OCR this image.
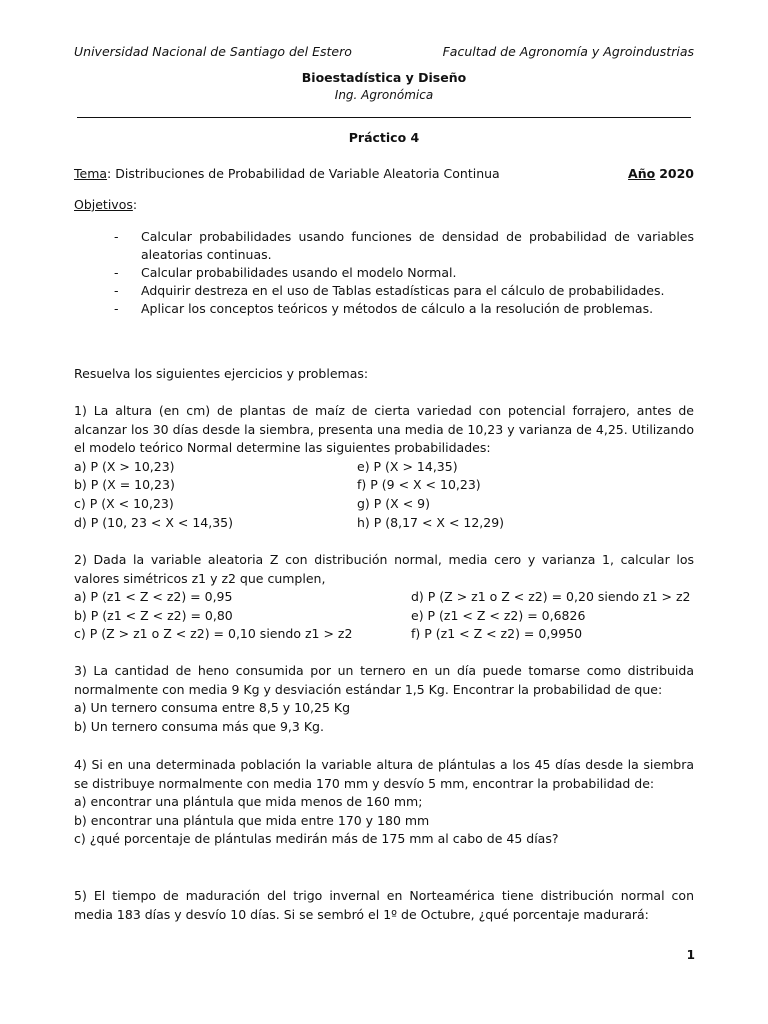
Universidad Nacional de Santiago del Estero	Facultad de Agronomía y Agroindustrias
Bioestadística y Diseño
Ing. Agronómica
Práctico 4
Tema: Distribuciones de Probabilidad de Variable Aleatoria Continua	Año 2020
Objetivos:
- Calcular probabilidades usando funciones de densidad de probabilidad de variables aleatorias continuas.
- Calcular probabilidades usando el modelo Normal.
- Adquirir destreza en el uso de Tablas estadísticas para el cálculo de probabilidades.
- Aplicar los conceptos teóricos y métodos de cálculo a la resolución de problemas.
Resuelva los siguientes ejercicios y problemas:
1) La altura (en cm) de plantas de maíz de cierta variedad con potencial forrajero, antes de alcanzar los 30 días desde la siembra, presenta una media de 10,23 y varianza de 4,25. Utilizando el modelo teórico Normal determine las siguientes probabilidades:
a) P (X > 10,23)	e) P (X > 14,35)
b) P (X = 10,23)	f) P (9 < X < 10,23)
c) P (X < 10,23)	g) P (X < 9)
d) P (10, 23 < X < 14,35)	h) P (8,17 < X < 12,29)
2) Dada la variable aleatoria Z con distribución normal, media cero y varianza 1, calcular los valores simétricos z1 y z2 que cumplen,
a) P (z1 < Z < z2) = 0,95	d) P (Z > z1 o Z < z2) = 0,20 siendo z1 > z2
b) P (z1 < Z < z2) = 0,80	e) P (z1 < Z < z2) = 0,6826
c) P (Z > z1 o Z < z2) = 0,10 siendo z1 > z2	f) P (z1 < Z < z2) = 0,9950
3) La cantidad de heno consumida por un ternero en un día puede tomarse como distribuida normalmente con media 9 Kg y desviación estándar 1,5 Kg. Encontrar la probabilidad de que:
a) Un ternero consuma entre 8,5 y 10,25 Kg
b) Un ternero consuma más que 9,3 Kg.
4) Si en una determinada población la variable altura de plántulas a los 45 días desde la siembra se distribuye normalmente con media 170 mm y desvío 5 mm, encontrar la probabilidad de:
a) encontrar una plántula que mida menos de 160 mm;
b) encontrar una plántula que mida entre 170 y 180 mm
c) ¿qué porcentaje de plántulas medirán más de 175 mm al cabo de 45 días?
5) El tiempo de maduración del trigo invernal en Norteamérica tiene distribución normal con media 183 días y desvío 10 días. Si se sembró el 1º de Octubre, ¿qué porcentaje madurará:
1
